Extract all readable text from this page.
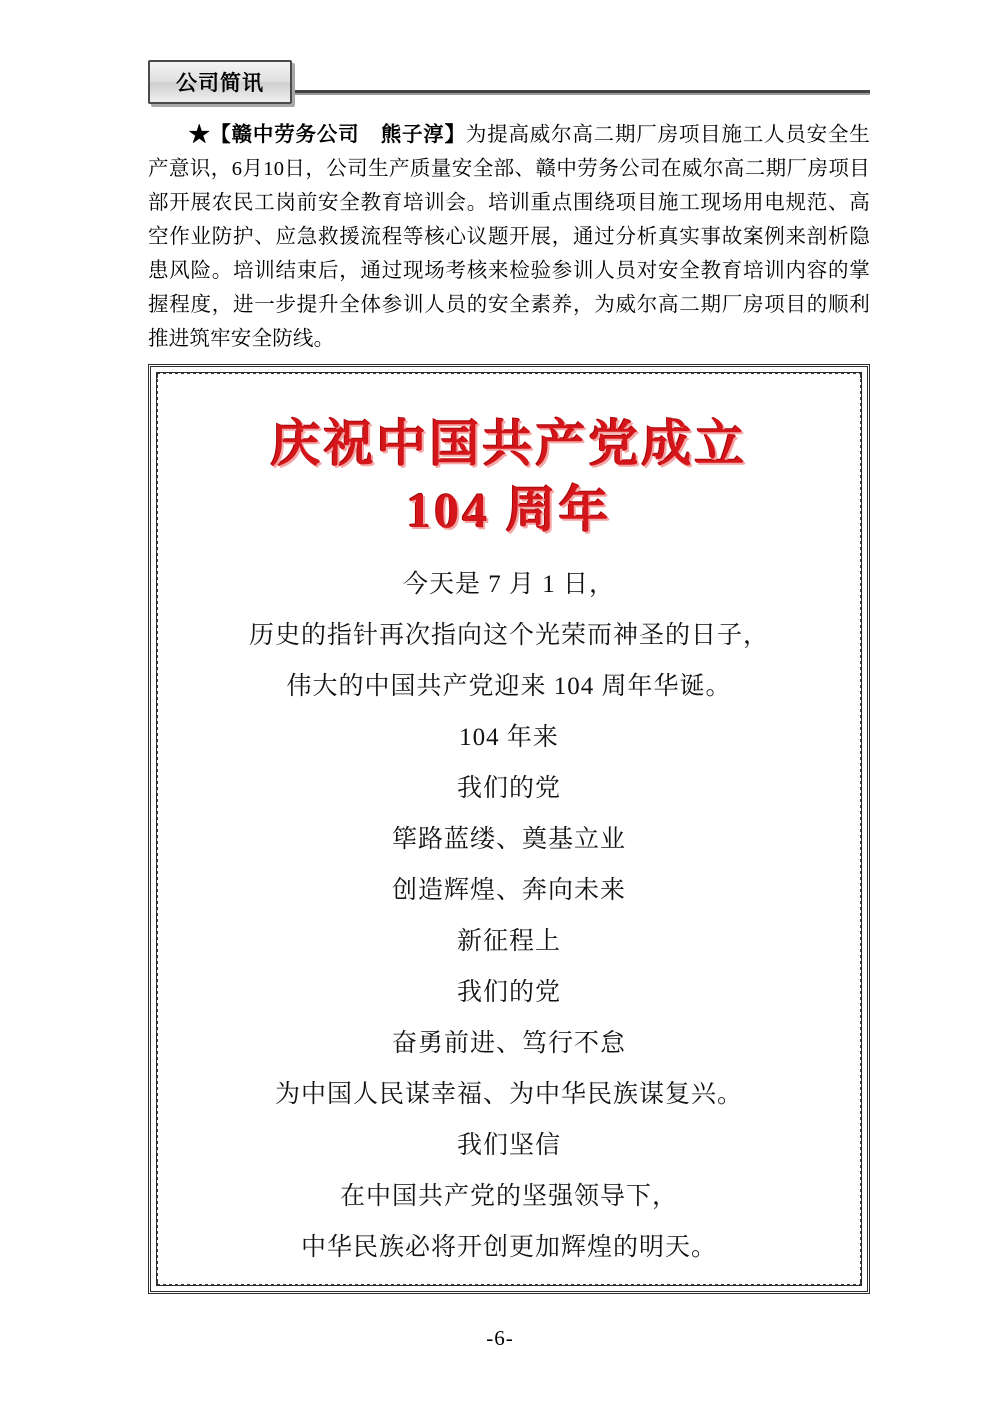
公司简讯

★【赣中劳务公司　熊子淳】为提高威尔高二期厂房项目施工人员安全生产意识，6月10日，公司生产质量安全部、赣中劳务公司在威尔高二期厂房项目部开展农民工岗前安全教育培训会。培训重点围绕项目施工现场用电规范、高空作业防护、应急救援流程等核心议题开展，通过分析真实事故案例来剖析隐患风险。培训结束后，通过现场考核来检验参训人员对安全教育培训内容的掌握程度，进一步提升全体参训人员的安全素养，为威尔高二期厂房项目的顺利推进筑牢安全防线。

庆祝中国共产党成立
104 周年
今天是 7 月 1 日，
历史的指针再次指向这个光荣而神圣的日子，
伟大的中国共产党迎来 104 周年华诞。
104 年来
我们的党
筚路蓝缕、奠基立业
创造辉煌、奔向未来
新征程上
我们的党
奋勇前进、笃行不怠
为中国人民谋幸福、为中华民族谋复兴。
我们坚信
在中国共产党的坚强领导下，
中华民族必将开创更加辉煌的明天。
-6-
